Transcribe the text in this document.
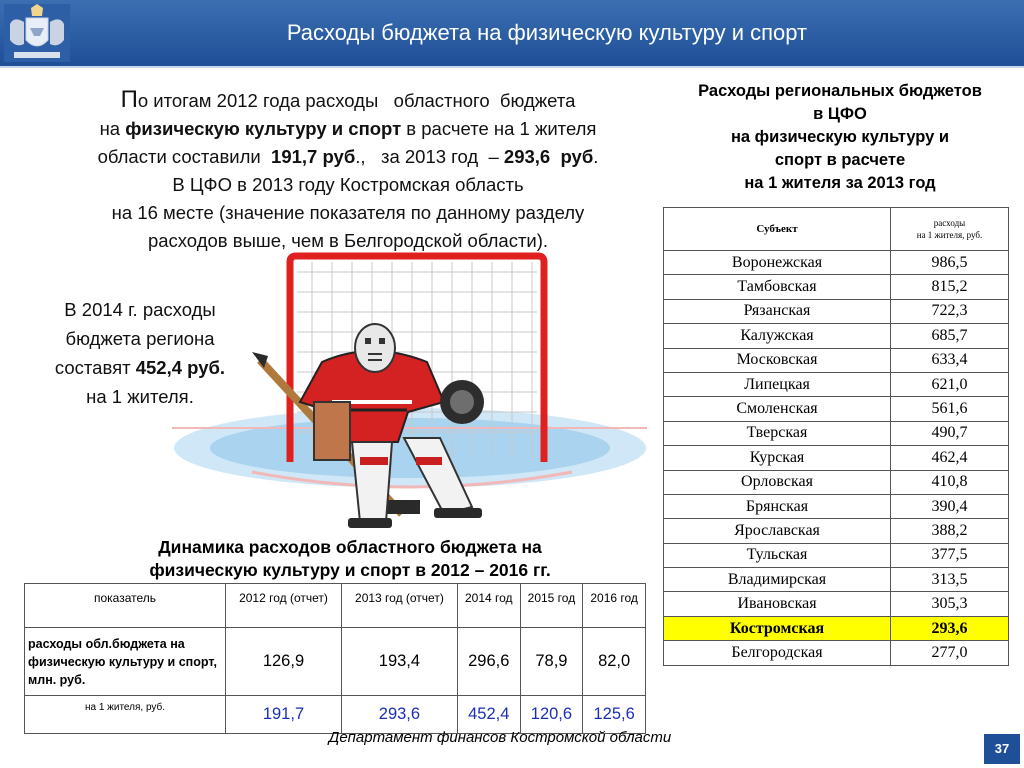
Расходы бюджета на физическую культуру и спорт
По итогам 2012 года расходы   областного  бюджета
на физическую культуру и спорт в расчете на 1 жителя
области составили  191,7 руб.,   за 2013 год  – 293,6  руб.
В ЦФО в 2013 году Костромская область
на 16 месте (значение показателя по данному разделу
расходов выше, чем в Белгородской области).
В 2014 г. расходы
бюджета региона
составят 452,4 руб.
на 1 жителя.
Расходы региональных бюджетов
в ЦФО
на физическую культуру и
спорт в расчете
на 1 жителя за 2013 год
Субъект	расходы
на 1 жителя, руб.

Воронежская	986,5
Тамбовская	815,2
Рязанская	722,3
Калужская	685,7
Московская	633,4
Липецкая	621,0
Смоленская	561,6
Тверская	490,7
Курская	462,4
Орловская	410,8
Брянская	390,4
Ярославская	388,2
Тульская	377,5
Владимирская	313,5
Ивановская	305,3
Костромская	293,6
Белгородская	277,0
Динамика расходов областного бюджета на
физическую культуру и спорт в 2012 – 2016 гг.
показатель	2012 год (отчет)	2013 год (отчет)	2014 год	2015 год	2016 год
расходы обл.бюджета на физическую культуру и спорт, млн. руб.	126,9	193,4	296,6	78,9	82,0
на 1 жителя, руб.	191,7	293,6	452,4	120,6	125,6
Департамент финансов Костромской области
37
